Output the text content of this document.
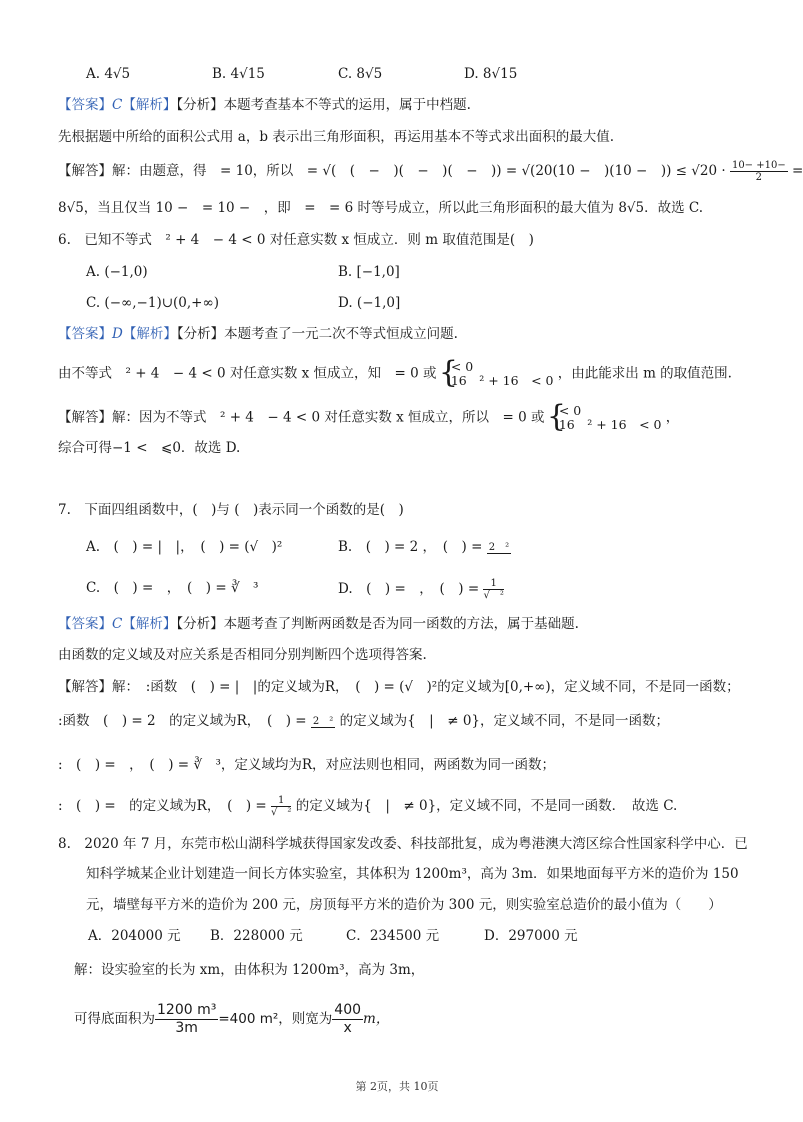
A. 4√5	B. 4√15	C. 8√5	D. 8√15
【答案】C【解析】【分析】本题考查基本不等式的运用，属于中档题.
先根据题中所给的面积公式用 a，b 表示出三角形面积，再运用基本不等式求出面积的最大值.
【解答】解：由题意，得　= 10，所以　= √(　(　−　)(　−　)(　−　)) = √(20(10 −　)(10 −　)) ≤ $√20 \cdot \frac{10- +10-}{2}$ =
8√5，当且仅当 10 −　= 10 −　，即　=　= 6 时等号成立，所以此三角形面积的最大值为 8√5．故选 C.
6.　已知不等式　² + 4　− 4 < 0 对任意实数 x 恒成立．则 m 取值范围是(　)
A. (−1,0)	B. [−1,0]
C. (−∞,−1)∪(0,+∞)	D. (−1,0]
【答案】D【解析】【分析】本题考查了一元二次不等式恒成立问题.
由不等式　² + 4　− 4 < 0 对任意实数 x 恒成立，知　= 0 或 { < 0
16　² + 16　< 0 ，由此能求出 m 的取值范围.
【解答】解：因为不等式　² + 4　− 4 < 0 对任意实数 x 恒成立，所以　= 0 或 { < 0
16　² + 16　< 0 ，
综合可得−1 <　⩽0．故选 D.
7.　下面四组函数中，(　)与 (　)表示同一个函数的是(　)
A.　(　) = |　|，　(　) = (√　)²	B.　(　) = 2 ，　(　) = 2　²
C.　(　) =　，　(　) = ∛　³	D.　(　) =　，　(　) = $\frac{1}{\text{√　²}}$
【答案】C【解析】【分析】本题考查了判断两函数是否为同一函数的方法，属于基础题.
由函数的定义域及对应关系是否相同分别判断四个选项得答案.
【解答】解：　:函数　(　) = |　|的定义域为R，　(　) = (√　)²的定义域为[0,+∞)，定义域不同，不是同一函数；
:函数　(　) = 2　的定义域为R，　(　) = 2　² 的定义域为{　|　≠ 0}，定义域不同，不是同一函数；
:　(　) =　，　(　) = ∛　³，定义域均为R，对应法则也相同，两函数为同一函数；
:　(　) =　的定义域为R，　(　) = $\frac{1}{\text{√　²}}$ 的定义域为{　|　≠ 0}，定义域不同，不是同一函数．　故选 C.
8.　2020 年 7 月，东莞市松山湖科学城获得国家发改委、科技部批复，成为粤港澳大湾区综合性国家科学中心．已
知科学城某企业计划建造一间长方体实验室，其体积为 1200m³，高为 3m．如果地面每平方米的造价为 150
元，墙壁每平方米的造价为 200 元，房顶每平方米的造价为 300 元，则实验室总造价的最小值为（　　）
A．204000 元 B．228000 元	C．234500 元	D．297000 元
解：设实验室的长为 xm，由体积为 1200m³，高为 3m，
可得底面积为 $\frac{\text{1200 m³}}{3m} =400$ m²，则宽为 $\frac{400}{x}$ m，
第 2页，共 10页
